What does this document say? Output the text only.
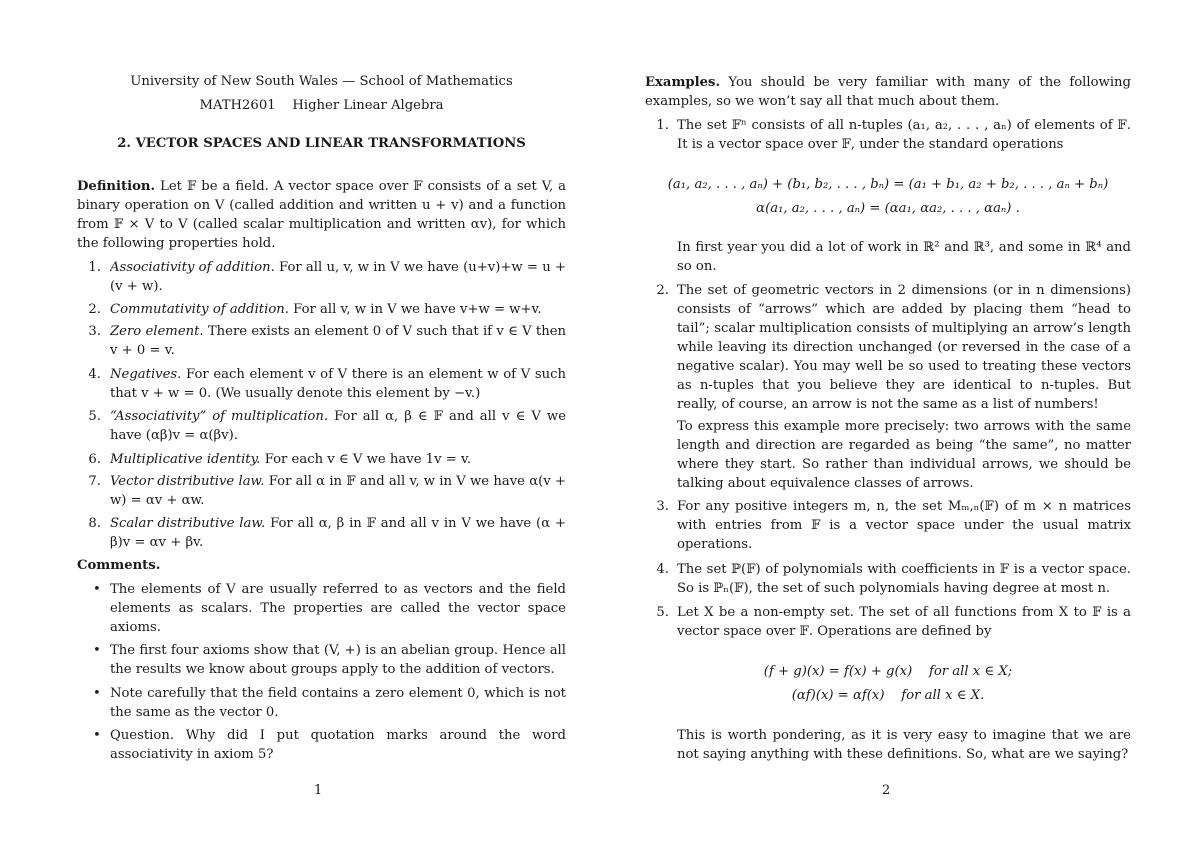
University of New South Wales — School of Mathematics
MATH2601    Higher Linear Algebra
2. VECTOR SPACES AND LINEAR TRANSFORMATIONS
Definition. Let 𝔽 be a field. A vector space over 𝔽 consists of a set V, a binary operation on V (called addition and written u + v) and a function from 𝔽 × V to V (called scalar multiplication and written αv), for which the following properties hold.
1. Associativity of addition. For all u, v, w in V we have (u+v)+w = u + (v + w).
2. Commutativity of addition. For all v, w in V we have v+w = w+v.
3. Zero element. There exists an element 0 of V such that if v ∈ V then v + 0 = v.
4. Negatives. For each element v of V there is an element w of V such that v + w = 0. (We usually denote this element by −v.)
5. “Associativity” of multiplication. For all α, β ∈ 𝔽 and all v ∈ V we have (αβ)v = α(βv).
6. Multiplicative identity. For each v ∈ V we have 1v = v.
7. Vector distributive law. For all α in 𝔽 and all v, w in V we have α(v + w) = αv + αw.
8. Scalar distributive law. For all α, β in 𝔽 and all v in V we have (α + β)v = αv + βv.
Comments.
• The elements of V are usually referred to as vectors and the field elements as scalars. The properties are called the vector space axioms.
• The first four axioms show that (V, +) is an abelian group. Hence all the results we know about groups apply to the addition of vectors.
• Note carefully that the field contains a zero element 0, which is not the same as the vector 0.
• Question. Why did I put quotation marks around the word associativity in axiom 5?
1
Examples. You should be very familiar with many of the following examples, so we won’t say all that much about them.
1. The set 𝔽ⁿ consists of all n-tuples (a₁, a₂, . . . , aₙ) of elements of 𝔽. It is a vector space over 𝔽, under the standard operations
(a₁, a₂, . . . , aₙ) + (b₁, b₂, . . . , bₙ) = (a₁ + b₁, a₂ + b₂, . . . , aₙ + bₙ)
α(a₁, a₂, . . . , aₙ) = (αa₁, αa₂, . . . , αaₙ) .
In first year you did a lot of work in ℝ² and ℝ³, and some in ℝ⁴ and so on.
2. The set of geometric vectors in 2 dimensions (or in n dimensions) consists of “arrows” which are added by placing them “head to tail”; scalar multiplication consists of multiplying an arrow’s length while leaving its direction unchanged (or reversed in the case of a negative scalar). You may well be so used to treating these vectors as n-tuples that you believe they are identical to n-tuples. But really, of course, an arrow is not the same as a list of numbers!
To express this example more precisely: two arrows with the same length and direction are regarded as being “the same”, no matter where they start. So rather than individual arrows, we should be talking about equivalence classes of arrows.
3. For any positive integers m, n, the set Mₘ,ₙ(𝔽) of m × n matrices with entries from 𝔽 is a vector space under the usual matrix operations.
4. The set ℙ(𝔽) of polynomials with coefficients in 𝔽 is a vector space. So is ℙₙ(𝔽), the set of such polynomials having degree at most n.
5. Let X be a non-empty set. The set of all functions from X to 𝔽 is a vector space over 𝔽. Operations are defined by
(f + g)(x) = f(x) + g(x)    for all x ∈ X;
(αf)(x) = αf(x)    for all x ∈ X.
This is worth pondering, as it is very easy to imagine that we are not saying anything with these definitions. So, what are we saying?
2
